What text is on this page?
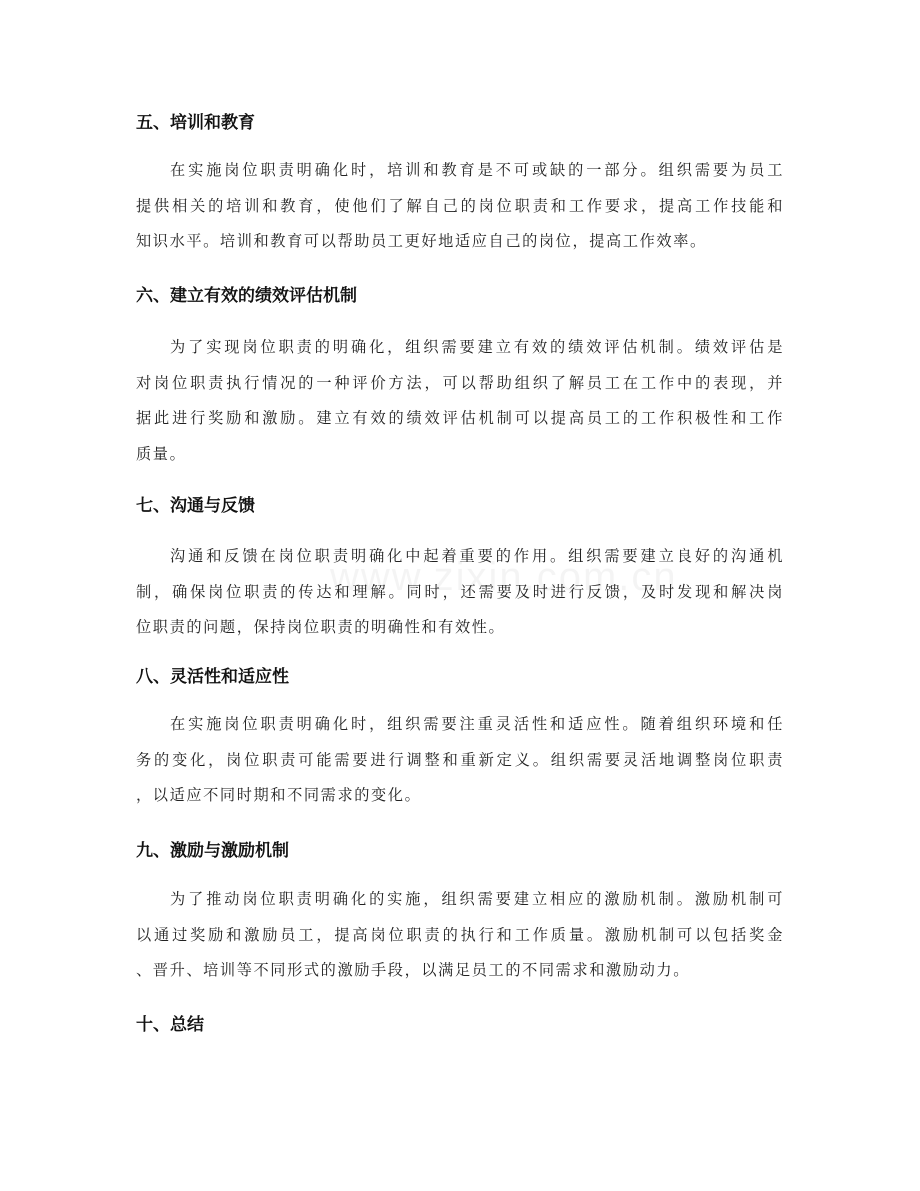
五、培训和教育
在实施岗位职责明确化时，培训和教育是不可或缺的一部分。组织需要为员工
提供相关的培训和教育，使他们了解自己的岗位职责和工作要求，提高工作技能和
知识水平。培训和教育可以帮助员工更好地适应自己的岗位，提高工作效率。
六、建立有效的绩效评估机制
为了实现岗位职责的明确化，组织需要建立有效的绩效评估机制。绩效评估是
对岗位职责执行情况的一种评价方法，可以帮助组织了解员工在工作中的表现，并
据此进行奖励和激励。建立有效的绩效评估机制可以提高员工的工作积极性和工作
质量。
七、沟通与反馈
沟通和反馈在岗位职责明确化中起着重要的作用。组织需要建立良好的沟通机
制，确保岗位职责的传达和理解。同时，还需要及时进行反馈，及时发现和解决岗
位职责的问题，保持岗位职责的明确性和有效性。
八、灵活性和适应性
在实施岗位职责明确化时，组织需要注重灵活性和适应性。随着组织环境和任
务的变化，岗位职责可能需要进行调整和重新定义。组织需要灵活地调整岗位职责
，以适应不同时期和不同需求的变化。
九、激励与激励机制
为了推动岗位职责明确化的实施，组织需要建立相应的激励机制。激励机制可
以通过奖励和激励员工，提高岗位职责的执行和工作质量。激励机制可以包括奖金
、晋升、培训等不同形式的激励手段，以满足员工的不同需求和激励动力。
十、总结
